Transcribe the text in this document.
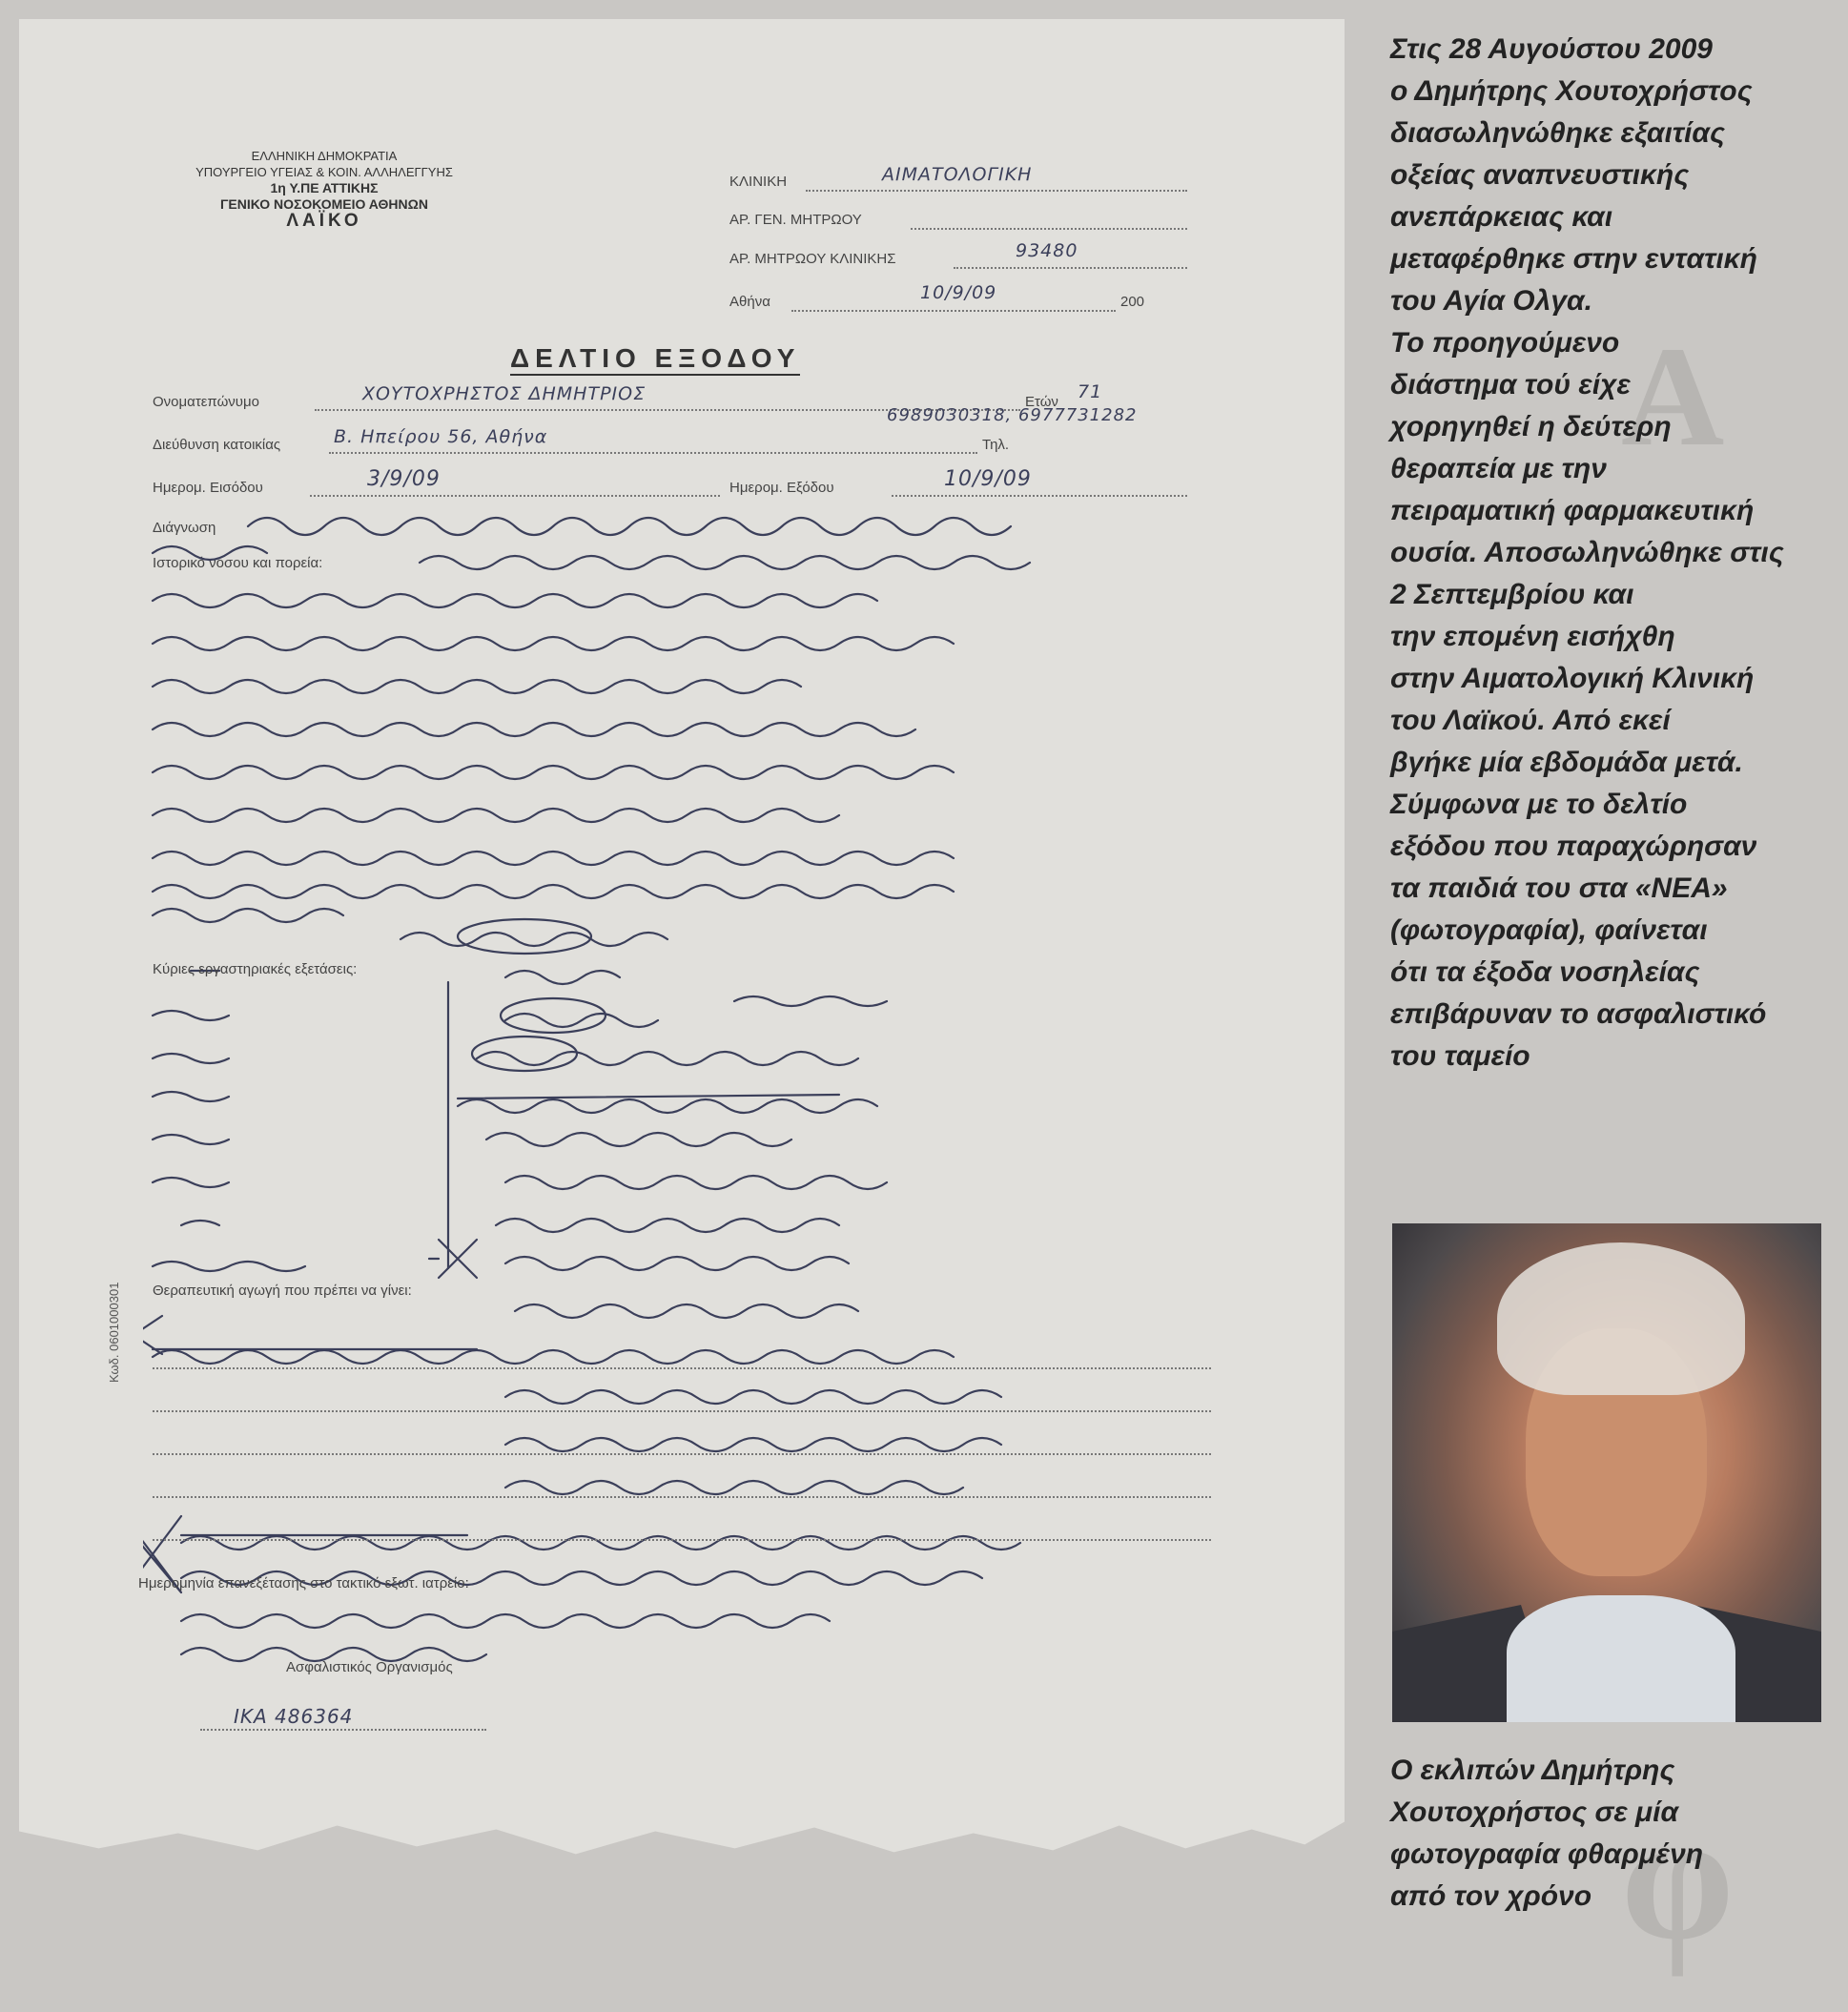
Α
φ
ΕΛΛΗΝΙΚΗ ΔΗΜΟΚΡΑΤΙΑ
ΥΠΟΥΡΓΕΙΟ ΥΓΕΙΑΣ & ΚΟΙΝ. ΑΛΛΗΛΕΓΓΥΗΣ
1η Υ.ΠΕ ΑΤΤΙΚΗΣ
ΓΕΝΙΚΟ ΝΟΣΟΚΟΜΕΙΟ ΑΘΗΝΩΝ
ΛΑΪΚΟ
ΚΛΙΝΙΚΗ	ΑΙΜΑΤΟΛΟΓΙΚΗ
ΑΡ. ΓΕΝ. ΜΗΤΡΩΟΥ
ΑΡ. ΜΗΤΡΩΟΥ ΚΛΙΝΙΚΗΣ	93480
Αθήνα	10/9/09	200
ΔΕΛΤΙΟ ΕΞΟΔΟΥ
Ονοματεπώνυμο	ΧΟΥΤΟΧΡΗΣΤΟΣ ΔΗΜΗΤΡΙΟΣ	Ετών 71
Διεύθυνση κατοικίας	Β. Ηπείρου 56, Αθήνα	Τηλ.
6989030318, 6977731282
Ημερομ. Εισόδου	3/9/09	Ημερομ. Εξόδου	10/9/09
Διάγνωση
Ιστορικό νόσου και πορεία:
Κύριες εργαστηριακές εξετάσεις:
Θεραπευτική αγωγή που πρέπει να γίνει:
Κωδ. 0601000301
Ημερομηνία επανεξέτασης στο τακτικό εξωτ. ιατρείο:
Ασφαλιστικός Οργανισμός
ΙΚΑ 486364
Στις 28 Αυγούστου 2009
ο Δημήτρης Χουτοχρήστος
διασωληνώθηκε εξαιτίας
οξείας αναπνευστικής
ανεπάρκειας και
μεταφέρθηκε στην εντατική
του Αγία Ολγα.
Το προηγούμενο
διάστημα τού είχε
χορηγηθεί η δεύτερη
θεραπεία με την
πειραματική φαρμακευτική
ουσία. Αποσωληνώθηκε στις
2 Σεπτεμβρίου και
την επομένη εισήχθη
στην Αιματολογική Κλινική
του Λαϊκού. Από εκεί
βγήκε μία εβδομάδα μετά.
Σύμφωνα με το δελτίο
εξόδου που παραχώρησαν
τα παιδιά του στα «ΝΕΑ»
(φωτογραφία), φαίνεται
ότι τα έξοδα νοσηλείας
επιβάρυναν το ασφαλιστικό
του ταμείο
Ο εκλιπών Δημήτρης
Χουτοχρήστος σε μία
φωτογραφία φθαρμένη
από τον χρόνο
